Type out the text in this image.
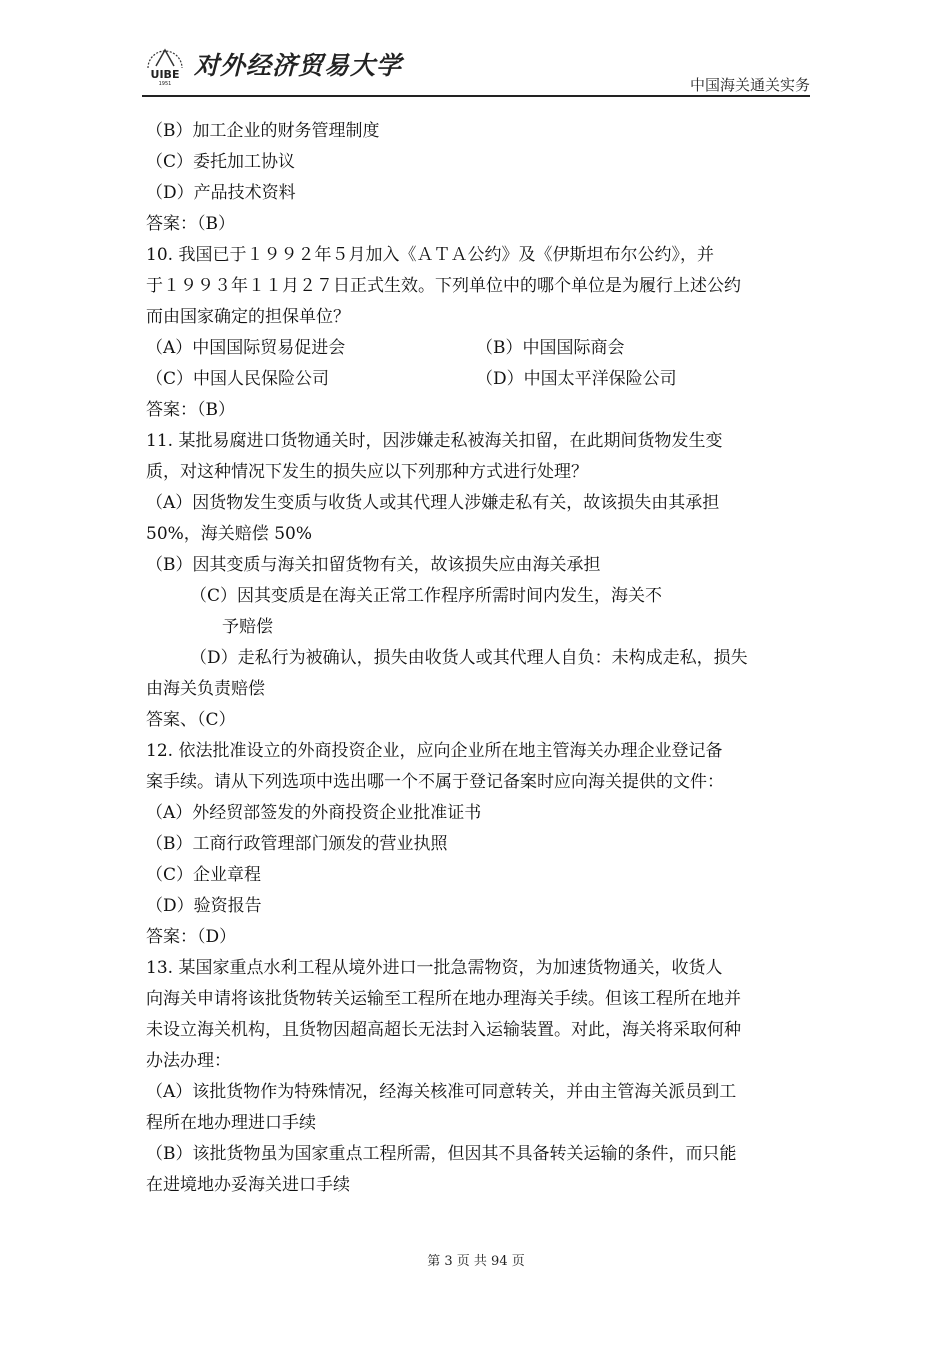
UIBE
1951
对外经济贸易大学
中国海关通关实务
（B）加工企业的财务管理制度
（C）委托加工协议
（D）产品技术资料
答案：（B）
10. 我国已于１９９２年５月加入《ＡＴＡ公约》及《伊斯坦布尔公约》，并
于１９９３年１１月２７日正式生效。下列单位中的哪个单位是为履行上述公约
而由国家确定的担保单位？
（A）中国国际贸易促进会	（B）中国国际商会
（C）中国人民保险公司	（D）中国太平洋保险公司
答案：（B）
11. 某批易腐进口货物通关时，因涉嫌走私被海关扣留，在此期间货物发生变
质，对这种情况下发生的损失应以下列那种方式进行处理？
（A）因货物发生变质与收货人或其代理人涉嫌走私有关，故该损失由其承担
50%，海关赔偿 50%
（B）因其变质与海关扣留货物有关，故该损失应由海关承担
（C）因其变质是在海关正常工作程序所需时间内发生，海关不
予赔偿
（D）走私行为被确认，损失由收货人或其代理人自负：未构成走私，损失
由海关负责赔偿
答案、（C）
12. 依法批准设立的外商投资企业，应向企业所在地主管海关办理企业登记备
案手续。请从下列选项中选出哪一个不属于登记备案时应向海关提供的文件：
（A）外经贸部签发的外商投资企业批准证书
（B）工商行政管理部门颁发的营业执照
（C）企业章程
（D）验资报告
答案：（D）
13. 某国家重点水利工程从境外进口一批急需物资，为加速货物通关，收货人
向海关申请将该批货物转关运输至工程所在地办理海关手续。但该工程所在地并
未设立海关机构，且货物因超高超长无法封入运输装置。对此，海关将采取何种
办法办理：
（A）该批货物作为特殊情况，经海关核准可同意转关，并由主管海关派员到工
程所在地办理进口手续
（B）该批货物虽为国家重点工程所需，但因其不具备转关运输的条件，而只能
在进境地办妥海关进口手续
第 3 页 共 94 页
